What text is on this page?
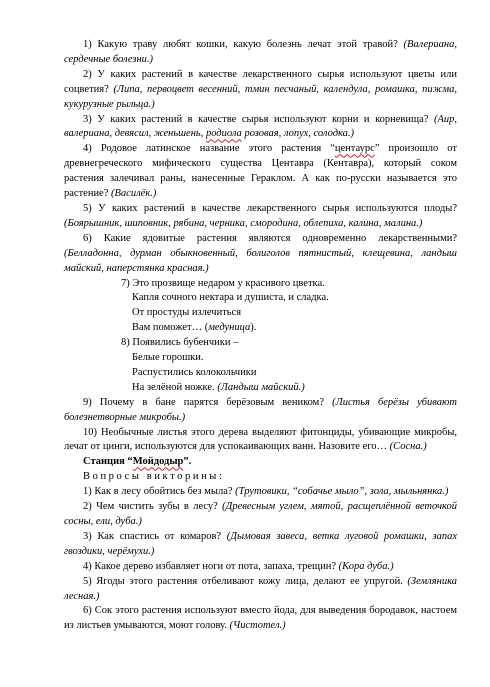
1) Какую траву любят кошки, какую болезнь лечат этой травой? (Валериана, сердечные болезни.)

2) У каких растений в качестве лекарственного сырья используют цветы или соцветия? (Липа, первоцвет весенний, тмин песчаный, календула, ромашка, пижма, кукурузные рыльца.)

3) У каких растений в качестве сырья используют корни и корневища? (Аир, валериана, девясил, женьшень, родиола розовая, лопух, солодка.)

4) Родовое латинское название этого растения “центаурс” произошло от древнегреческого мифического существа Центавра (Кентавра), который соком растения залечивал раны, нанесенные Гераклом. А как по-русски называется это растение? (Василёк.)

5) У каких растений в качестве лекарственного сырья используются плоды? (Боярышник, шиповник, рябина, черника, смородина, облепиха, калина, малина.)

6) Какие ядовитые растения являются одновременно лекарственными? (Белладонна, дурман обыкновенный, болиголов пятнистый, клещевина, ландыш майский, наперстянка красная.)

7) Это прозвище недаром у красивого цветка.

Капля сочного нектара и душиста, и сладка.

От простуды излечиться

Вам поможет… (медуница).

8) Появились бубенчики –

Белые горошки.

Распустились колокольчики

На зелёной ножке. (Ландыш майский.)

9) Почему в бане парятся берёзовым веником? (Листья берёзы убивают болезнетворные микробы.)

10) Необычные листья этого дерева выделяют фитонциды, убивающие микробы, лечат от цинги, используются для успокаивающих ванн. Назовите его… (Сосна.)

Станция “Мойдодыр”.

Вопросы викторины:

1) Как в лесу обойтись без мыла? (Трутовики, “собачье мыло”, зола, мыльнянка.)

2) Чем чистить зубы в лесу? (Древесным углем, мятой, расщеплённой веточкой сосны, ели, дуба.)

3) Как спастись от комаров? (Дымовая завеса, ветка луговой ромашки, запах гвоздики, черёмухи.)

4) Какое дерево избавляет ноги от пота, запаха, трещин? (Кора дуба.)

5) Ягоды этого растения отбеливают кожу лица, делают ее упругой. (Земляника лесная.)

6) Сок этого растения используют вместо йода, для выведения бородавок, настоем из листьев умываются, моют голову. (Чистотел.)
